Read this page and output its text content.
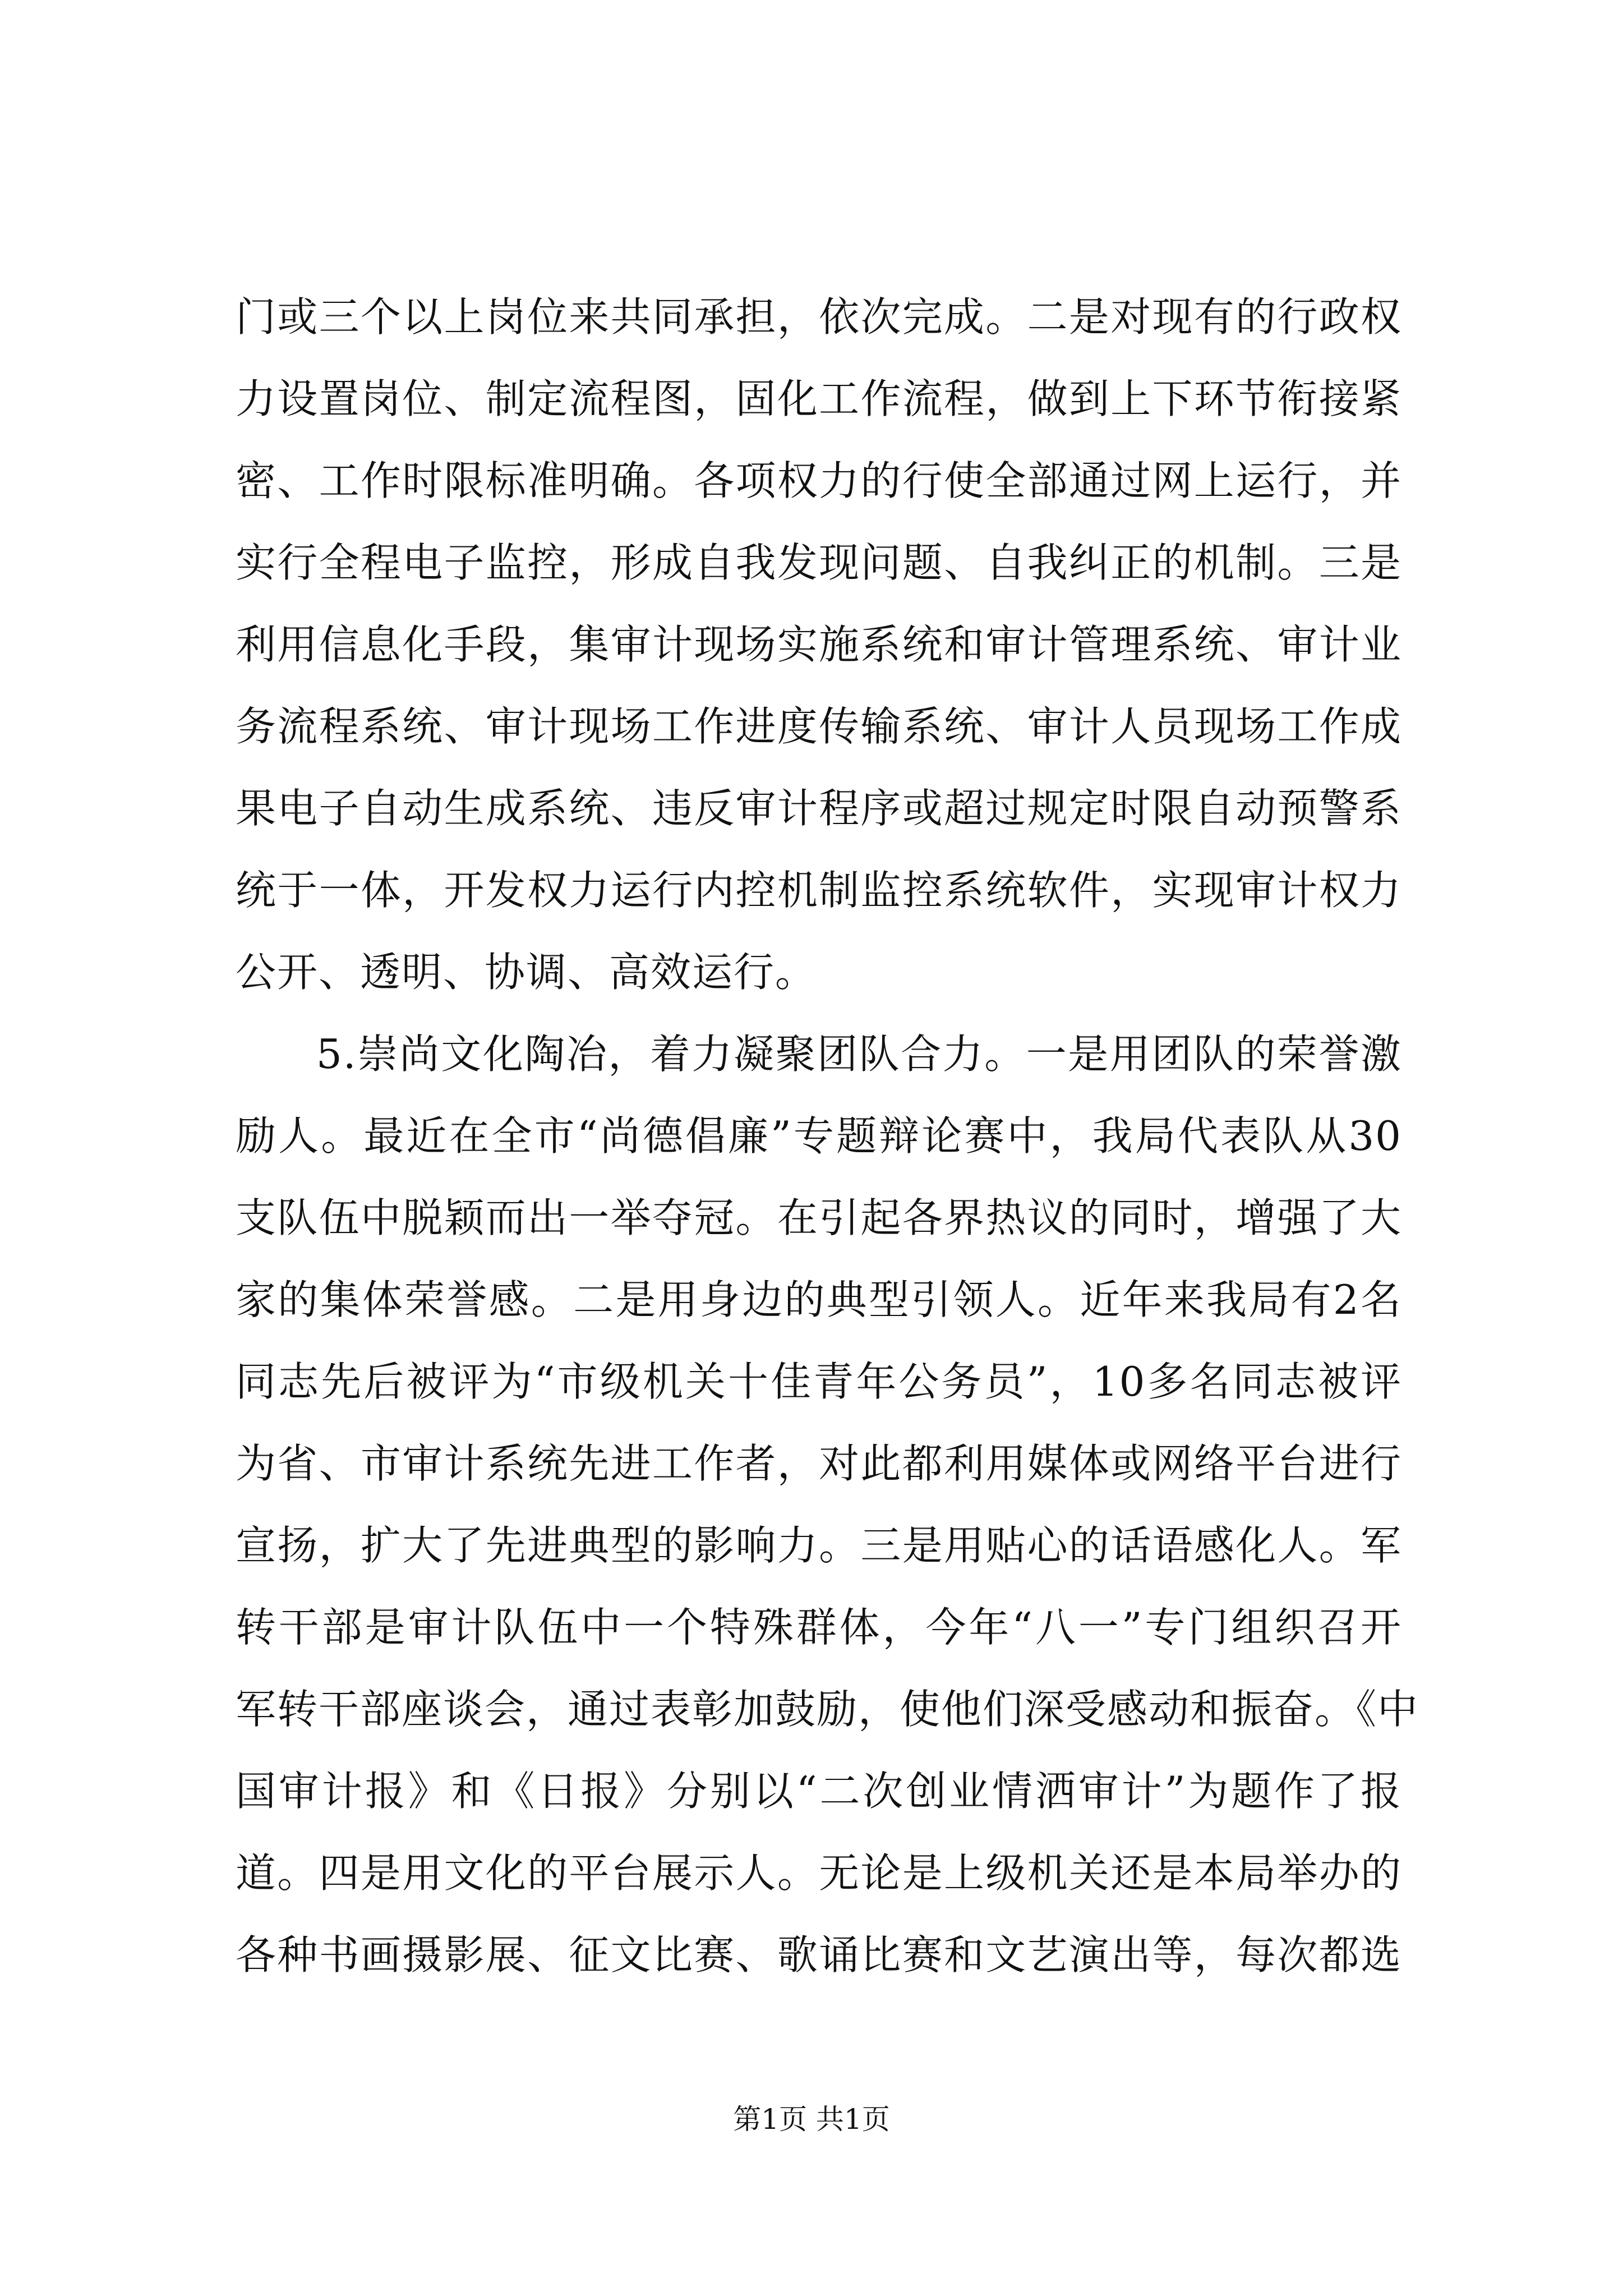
门或三个以上岗位来共同承担，依次完成。二是对现有的行政权
力设置岗位、制定流程图，固化工作流程，做到上下环节衔接紧
密、工作时限标准明确。各项权力的行使全部通过网上运行，并
实行全程电子监控，形成自我发现问题、自我纠正的机制。三是
利用信息化手段，集审计现场实施系统和审计管理系统、审计业
务流程系统、审计现场工作进度传输系统、审计人员现场工作成
果电子自动生成系统、违反审计程序或超过规定时限自动预警系
统于一体，开发权力运行内控机制监控系统软件，实现审计权力
公开、透明、协调、高效运行。
5.崇尚文化陶冶，着力凝聚团队合力。一是用团队的荣誉激
励人。最近在全市“尚德倡廉”专题辩论赛中，我局代表队从30
支队伍中脱颖而出一举夺冠。在引起各界热议的同时，增强了大
家的集体荣誉感。二是用身边的典型引领人。近年来我局有2名
同志先后被评为“市级机关十佳青年公务员”，10多名同志被评
为省、市审计系统先进工作者，对此都利用媒体或网络平台进行
宣扬，扩大了先进典型的影响力。三是用贴心的话语感化人。军
转干部是审计队伍中一个特殊群体，今年“八一”专门组织召开
军转干部座谈会，通过表彰加鼓励，使他们深受感动和振奋。《中
国审计报》和《日报》分别以“二次创业情洒审计”为题作了报
道。四是用文化的平台展示人。无论是上级机关还是本局举办的
各种书画摄影展、征文比赛、歌诵比赛和文艺演出等，每次都选
第1页 共1页
